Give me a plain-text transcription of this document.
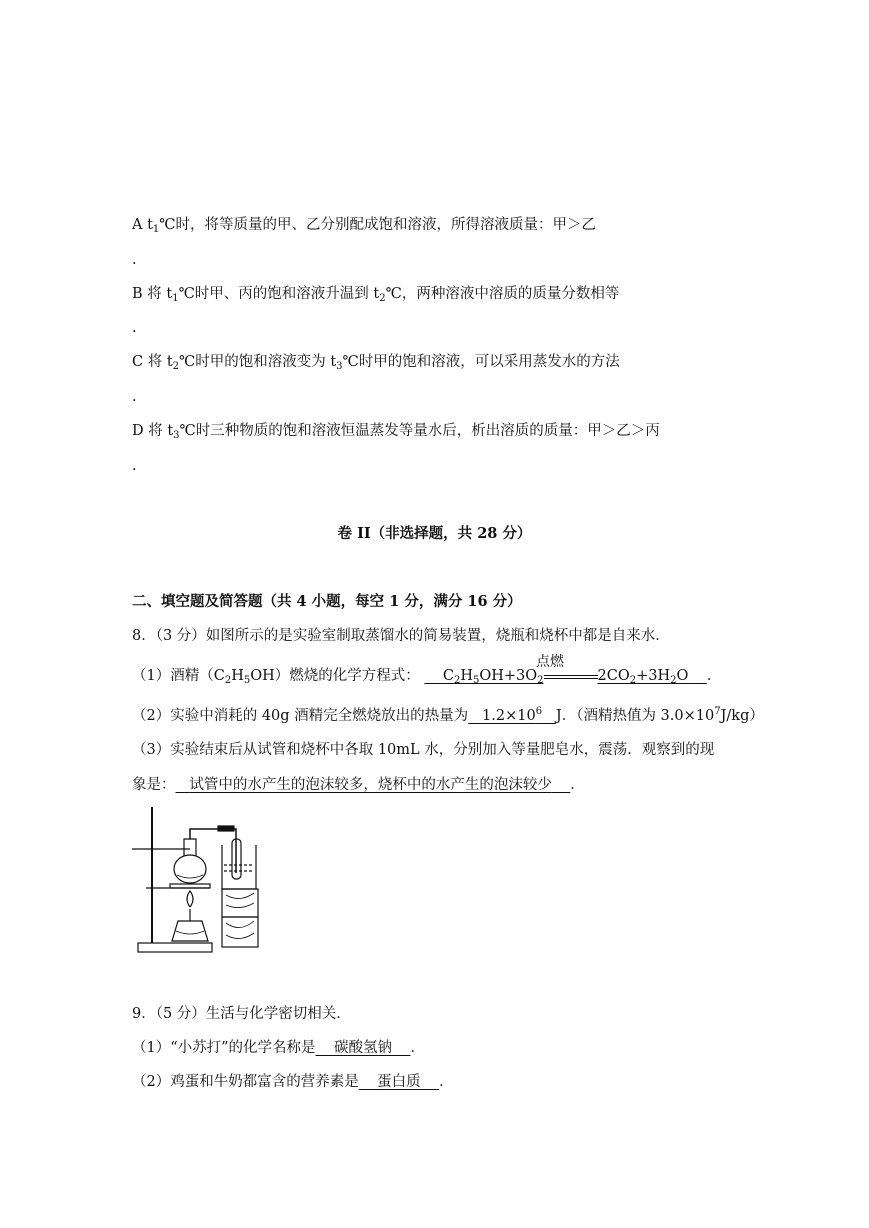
A $t_1℃$时，将等质量的甲、乙分别配成饱和溶液，所得溶液质量：甲＞乙
.
B 将 $t_1℃$时甲、丙的饱和溶液升温到 $t_2℃$，两种溶液中溶质的质量分数相等
.
C 将 $t_2℃$时甲的饱和溶液变为 $t_3℃$时甲的饱和溶液，可以采用蒸发水的方法
.
D 将 $t_3℃$时三种物质的饱和溶液恒温蒸发等量水后，析出溶质的质量：甲＞乙＞丙
.
卷 II（非选择题，共 28 分）
二、填空题及简答题（共 4 小题，每空 1 分，满分 16 分）
8．（3 分）如图所示的是实验室制取蒸馏水的简易装置，烧瓶和烧杯中都是自来水．
（1）酒精$(C_2H_5OH)$燃烧的化学方程式： $C_2H_5OH+3O_2$	$2CO_2+3H_2O$ ．
点燃
（2）实验中消耗的 40g 酒精完全燃烧放出的热量为 $1.2\times 10^6$ J．（酒精热值为 $3.0\times 10^7J/kg$）
（3）实验结束后从试管和烧杯中各取 10mL 水，分别加入等量肥皂水，震荡．观察到的现
象是： 试管中的水产生的泡沫较多，烧杯中的水产生的泡沫较少 ．
9．（5 分）生活与化学密切相关．
（1）“小苏打”的化学名称是 碳酸氢钠 ．
（2）鸡蛋和牛奶都富含的营养素是 蛋白质 ．
